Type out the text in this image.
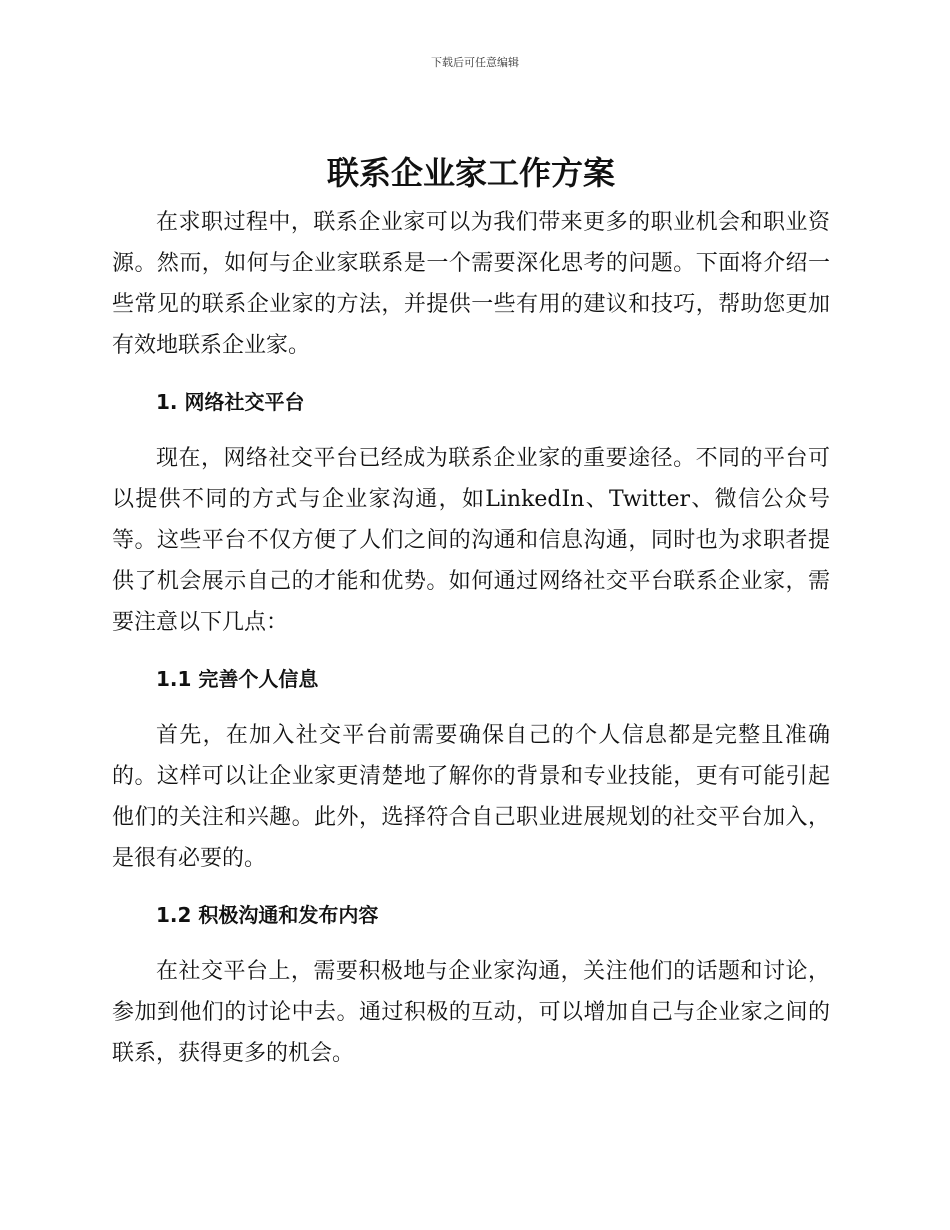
下载后可任意编辑
联系企业家工作方案

在求职过程中，联系企业家可以为我们带来更多的职业机会和职业资源。然而，如何与企业家联系是一个需要深化思考的问题。下面将介绍一些常见的联系企业家的方法，并提供一些有用的建议和技巧，帮助您更加有效地联系企业家。

1. 网络社交平台

现在，网络社交平台已经成为联系企业家的重要途径。不同的平台可以提供不同的方式与企业家沟通，如LinkedIn、Twitter、微信公众号等。这些平台不仅方便了人们之间的沟通和信息沟通，同时也为求职者提供了机会展示自己的才能和优势。如何通过网络社交平台联系企业家，需要注意以下几点：

1.1 完善个人信息

首先，在加入社交平台前需要确保自己的个人信息都是完整且准确的。这样可以让企业家更清楚地了解你的背景和专业技能，更有可能引起他们的关注和兴趣。此外，选择符合自己职业进展规划的社交平台加入，是很有必要的。

1.2 积极沟通和发布内容

在社交平台上，需要积极地与企业家沟通，关注他们的话题和讨论，参加到他们的讨论中去。通过积极的互动，可以增加自己与企业家之间的联系，获得更多的机会。
